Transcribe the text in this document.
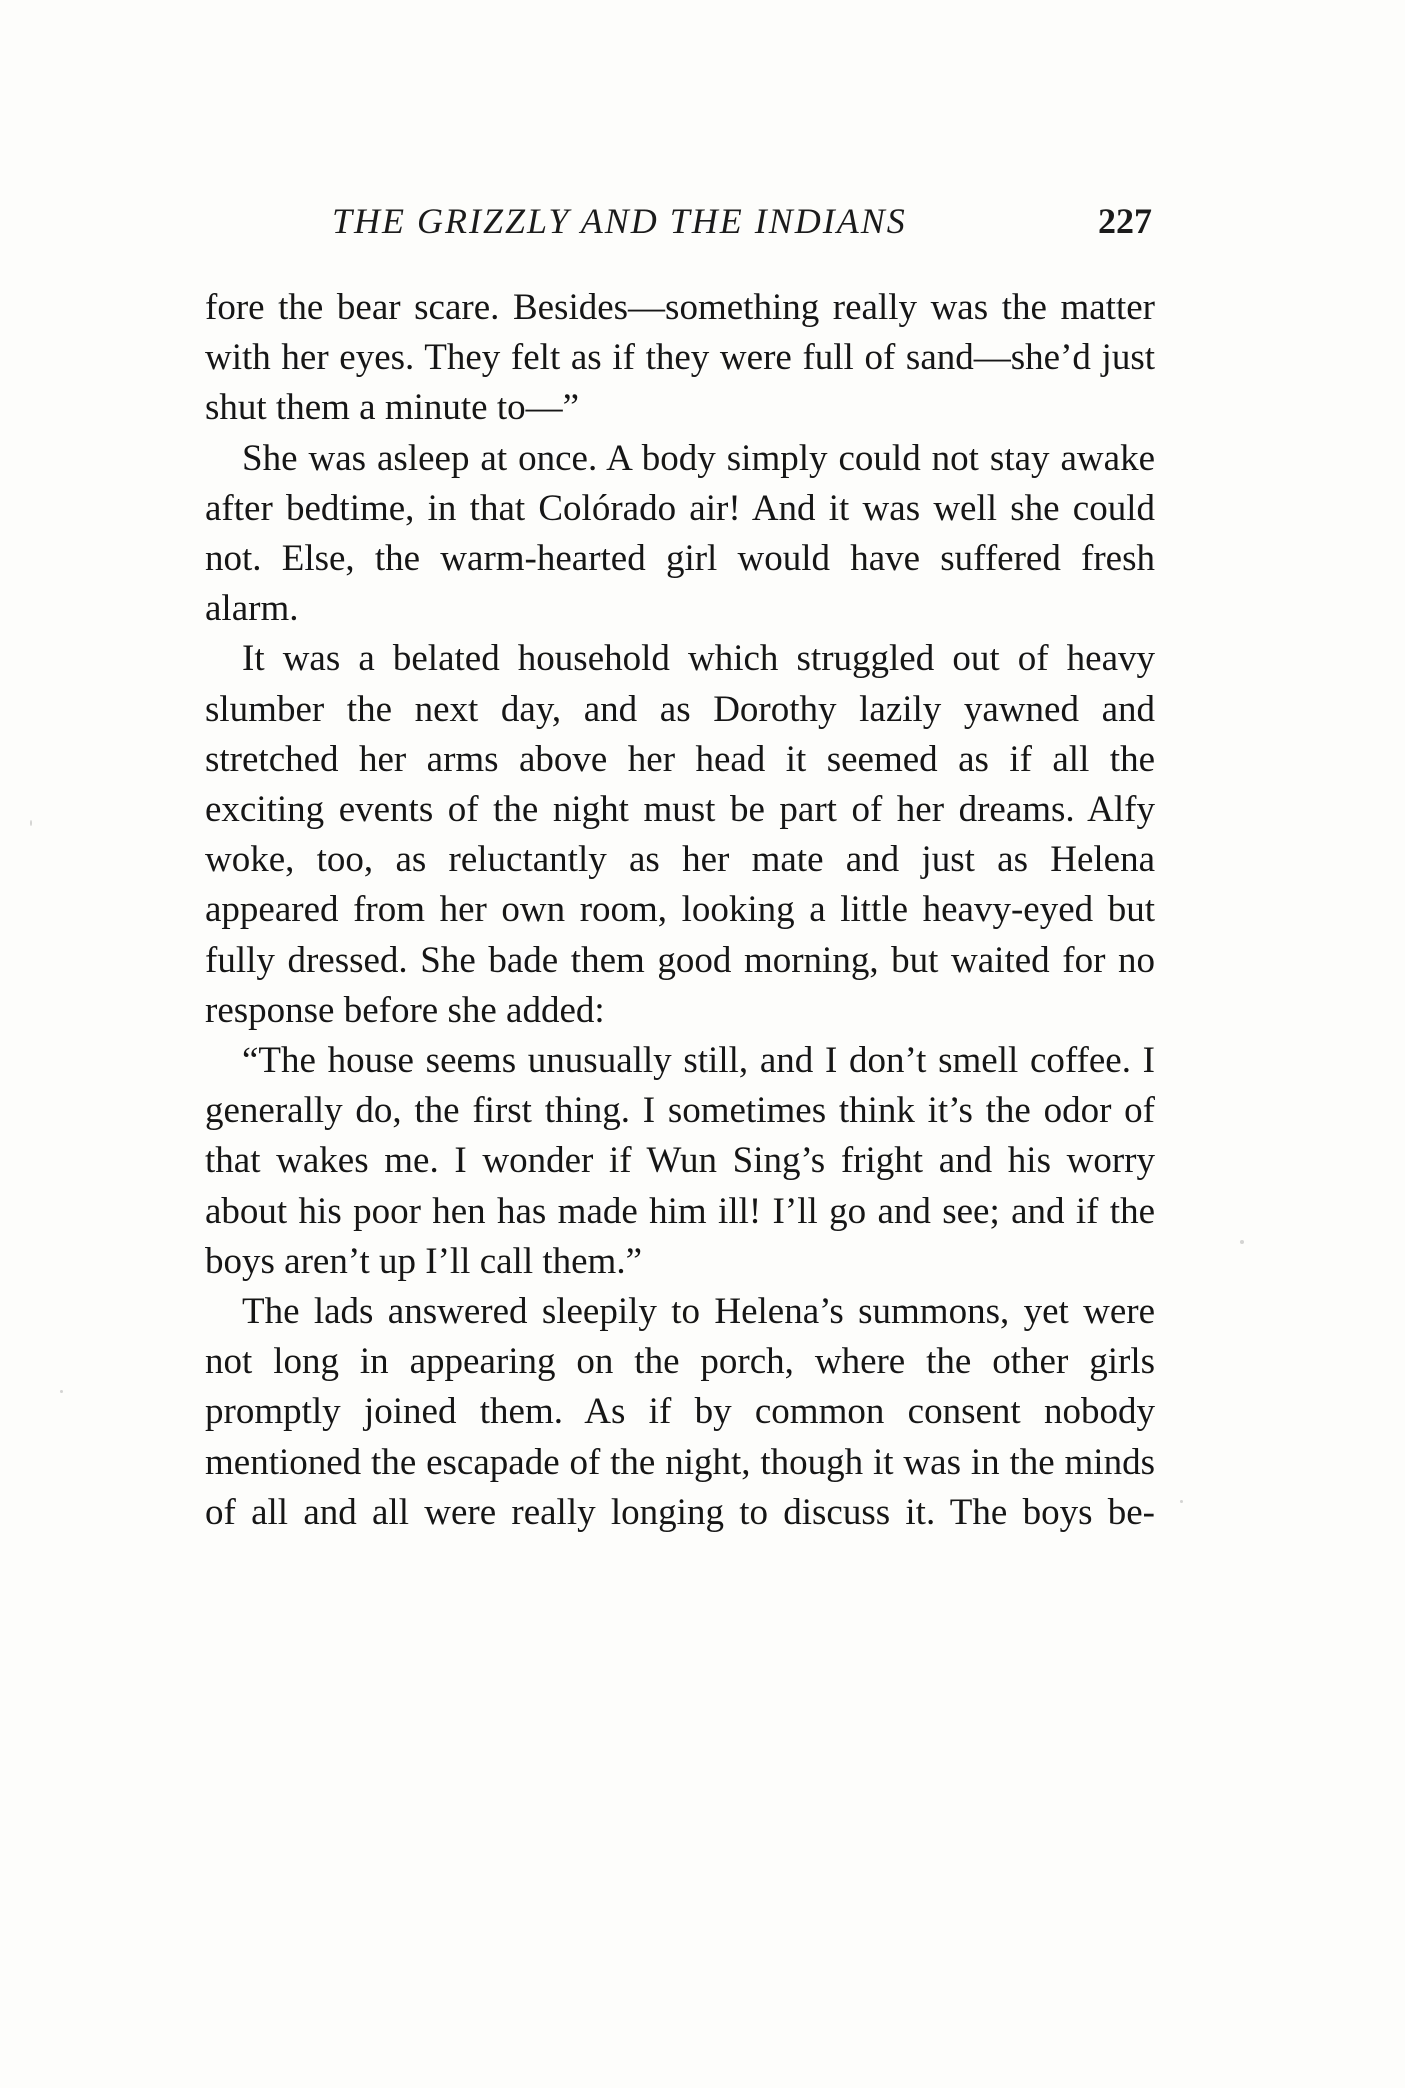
THE GRIZZLY AND THE INDIANS	227

fore the bear scare. Besides—something really was the matter with her eyes. They felt as if they were full of sand—she’d just shut them a minute to—”

She was asleep at once. A body simply could not stay awake after bedtime, in that Colórado air! And it was well she could not. Else, the warm-hearted girl would have suffered fresh alarm.

It was a belated household which struggled out of heavy slumber the next day, and as Dorothy lazily yawned and stretched her arms above her head it seemed as if all the exciting events of the night must be part of her dreams. Alfy woke, too, as reluctantly as her mate and just as Helena appeared from her own room, looking a little heavy-eyed but fully dressed. She bade them good morning, but waited for no response before she added:

“The house seems unusually still, and I don’t smell coffee. I generally do, the first thing. I sometimes think it’s the odor of that wakes me. I wonder if Wun Sing’s fright and his worry about his poor hen has made him ill! I’ll go and see; and if the boys aren’t up I’ll call them.”

The lads answered sleepily to Helena’s summons, yet were not long in appearing on the porch, where the other girls promptly joined them. As if by common consent nobody mentioned the escapade of the night, though it was in the minds of all and all were really longing to discuss it. The boys be-
